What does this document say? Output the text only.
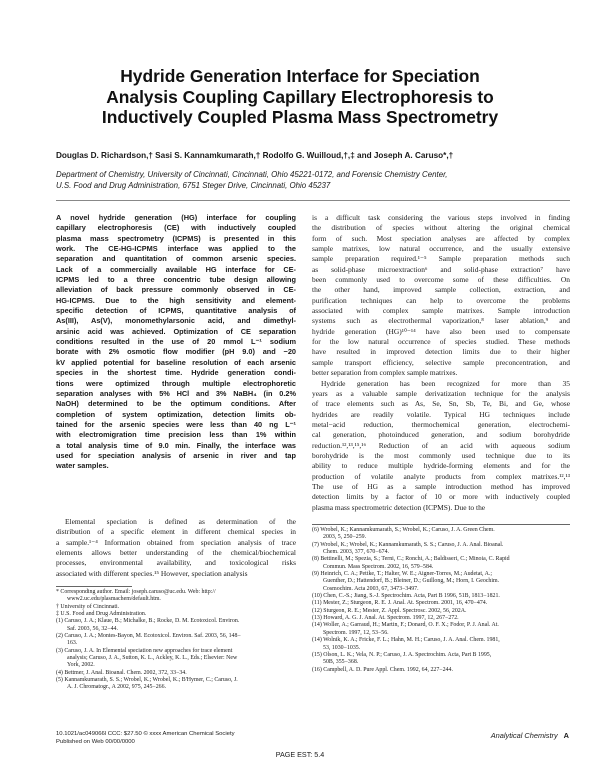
Hydride Generation Interface for Speciation
Analysis Coupling Capillary Electrophoresis to
Inductively Coupled Plasma Mass Spectrometry
Douglas D. Richardson,† Sasi S. Kannamkumarath,† Rodolfo G. Wuilloud,†,‡ and Joseph A. Caruso*,†
Department of Chemistry, University of Cincinnati, Cincinnati, Ohio 45221-0172, and Forensic Chemistry Center,
U.S. Food and Drug Administration, 6751 Steger Drive, Cincinnati, Ohio 45237
A novel hydride generation (HG) interface for coupling
capillary electrophoresis (CE) with inductively coupled
plasma mass spectrometry (ICPMS) is presented in this
work. The CE-HG-ICPMS interface was applied to the
separation and quantitation of common arsenic species.
Lack of a commercially available HG interface for CE-
ICPMS led to a three concentric tube design allowing
alleviation of back pressure commonly observed in CE-
HG-ICPMS. Due to the high sensitivity and element-
specific detection of ICPMS, quantitative analysis of
As(III), As(V), monomethylarsonic acid, and dimethyl-
arsinic acid was achieved. Optimization of CE separation
conditions resulted in the use of 20 mmol L⁻¹ sodium
borate with 2% osmotic flow modifier (pH 9.0) and −20
kV applied potential for baseline resolution of each arsenic
species in the shortest time. Hydride generation condi-
tions were optimized through multiple electrophoretic
separation analyses with 5% HCl and 3% NaBH₄ (in 0.2%
NaOH) determined to be the optimum conditions. After
completion of system optimization, detection limits ob-
tained for the arsenic species were less than 40 ng L⁻¹
with electromigration time precision less than 1% within
a total analysis time of 9.0 min. Finally, the interface was
used for speciation analysis of arsenic in river and tap
water samples.
Elemental speciation is defined as determination of the
distribution of a specific element in different chemical species in
a sample.¹⁻⁴ Information obtained from speciation analysis of trace
elements allows better understanding of the chemical/biochemical
processes, environmental availability, and toxicological risks
associated with different species.¹⁵ However, speciation analysis
is a difficult task considering the various steps involved in finding
the distribution of species without altering the original chemical
form of such. Most speciation analyses are affected by complex
sample matrixes, low natural occurrence, and the usually extensive
sample preparation required.¹⁻⁵ Sample preparation methods such
as solid-phase microextraction⁶ and solid-phase extraction⁷ have
been commonly used to overcome some of these difficulties. On
the other hand, improved sample collection, extraction, and
purification techniques can help to overcome the problems
associated with complex sample matrixes. Sample introduction
systems such as electrothermal vaporization,⁸ laser ablation,⁹ and
hydride generation (HG)¹⁰⁻¹⁴ have also been used to compensate
for the low natural occurrence of species studied. These methods
have resulted in improved detection limits due to their higher
sample transport efficiency, selective sample preconcentration, and
better separation from complex sample matrixes.
Hydride generation has been recognized for more than 35
years as a valuable sample derivatization technique for the analysis
of trace elements such as As, Se, Sn, Sb, Te, Bi, and Ge, whose
hydrides are readily volatile. Typical HG techniques include
metal−acid reduction, thermochemical generation, electrochemi-
cal generation, photoinduced generation, and sodium borohydride
reduction.¹²,¹³,¹⁵,¹⁶ Reduction of an acid with aqueous sodium
borohydride is the most commonly used technique due to its
ability to reduce multiple hydride-forming elements and for the
production of volatile analyte products from complex matrixes.¹²,¹³
The use of HG as a sample introduction method has improved
detection limits by a factor of 10 or more with inductively coupled
plasma mass spectrometric detection (ICPMS). Due to the
* Corresponding author. Email: joseph.caruso@uc.edu. Web: http://
www2.uc.edu/plasmachem/default.htm.
† University of Cincinnati.
‡ U.S. Food and Drug Administration.
(1) Caruso, J. A.; Klaue, B.; Michalke, B.; Rocke, D. M. Ecotoxicol. Environ.
Saf. 2003, 56, 32−44.
(2) Caruso, J. A.; Montes-Bayon, M. Ecotoxicol. Environ. Saf. 2003, 56, 148−
163.
(3) Caruso, J. A. In Elemental speciation new approaches for trace element
analysis; Caruso, J. A., Sutton, K. L., Ackley, K. L., Eds.; Elsevier: New
York, 2002.
(4) Bettmer, J. Anal. Bioanal. Chem. 2002, 372, 33−34.
(5) Kannamkumarath, S. S.; Wrobel, K.; Wrobel, K.; B'Hymer, C.; Caruso, J.
A. J. Chromatogr., A 2002, 975, 245−266.
(6) Wrobel, K.; Kannamkumarath, S.; Wrobel, K.; Caruso, J. A. Green Chem.
2003, 5, 250−259.
(7) Wrobel, K.; Wrobel, K.; Kannamkumarath, S. S.; Caruso, J. A. Anal. Bioanal.
Chem. 2003, 377, 670−674.
(8) Bettinelli, M.; Spezia, S.; Terni, C.; Ronchi, A.; Baldisseri, C.; Minoia, C. Rapid
Commun. Mass Spectrom. 2002, 16, 579−584.
(9) Heinrich, C. A.; Pettke, T.; Halter, W. E.; Aigner-Torres, M.; Audetat, A.;
Guenther, D.; Hattendorf, B.; Bleiner, D.; Guillong, M.; Horn, I. Geochim.
Cosmochim. Acta 2003, 67, 3473−3497.
(10) Chen, C.-S.; Jiang, S.-J. Spectrochim. Acta, Part B 1996, 51B, 1813−1821.
(11) Mester, Z.; Sturgeon, R. E. J. Anal. At. Spectrom. 2001, 16, 470−474.
(12) Sturgeon, R. E.; Mester, Z. Appl. Spectrosc. 2002, 56, 202A.
(13) Howard, A. G. J. Anal. At. Spectrom. 1997, 12, 267−272.
(14) Woller, A.; Garraud, H.; Martin, F.; Donard, O. F. X.; Fodor, P. J. Anal. At.
Spectrom. 1997, 12, 53−56.
(14) Wolnik, K. A.; Fricke, F. L.; Hahn, M. H.; Caruso, J. A. Anal. Chem. 1981,
53, 1030−1035.
(15) Olson, L. K.; Vela, N. P.; Caruso, J. A. Spectrochim. Acta, Part B 1995,
50B, 355−368.
(16) Campbell, A. D. Pure Appl. Chem. 1992, 64, 227−244.
10.1021/ac049066l CCC: $27.50 © xxxx American Chemical Society
Published on Web 00/00/0000
Analytical Chemistry A
PAGE EST: 5.4
